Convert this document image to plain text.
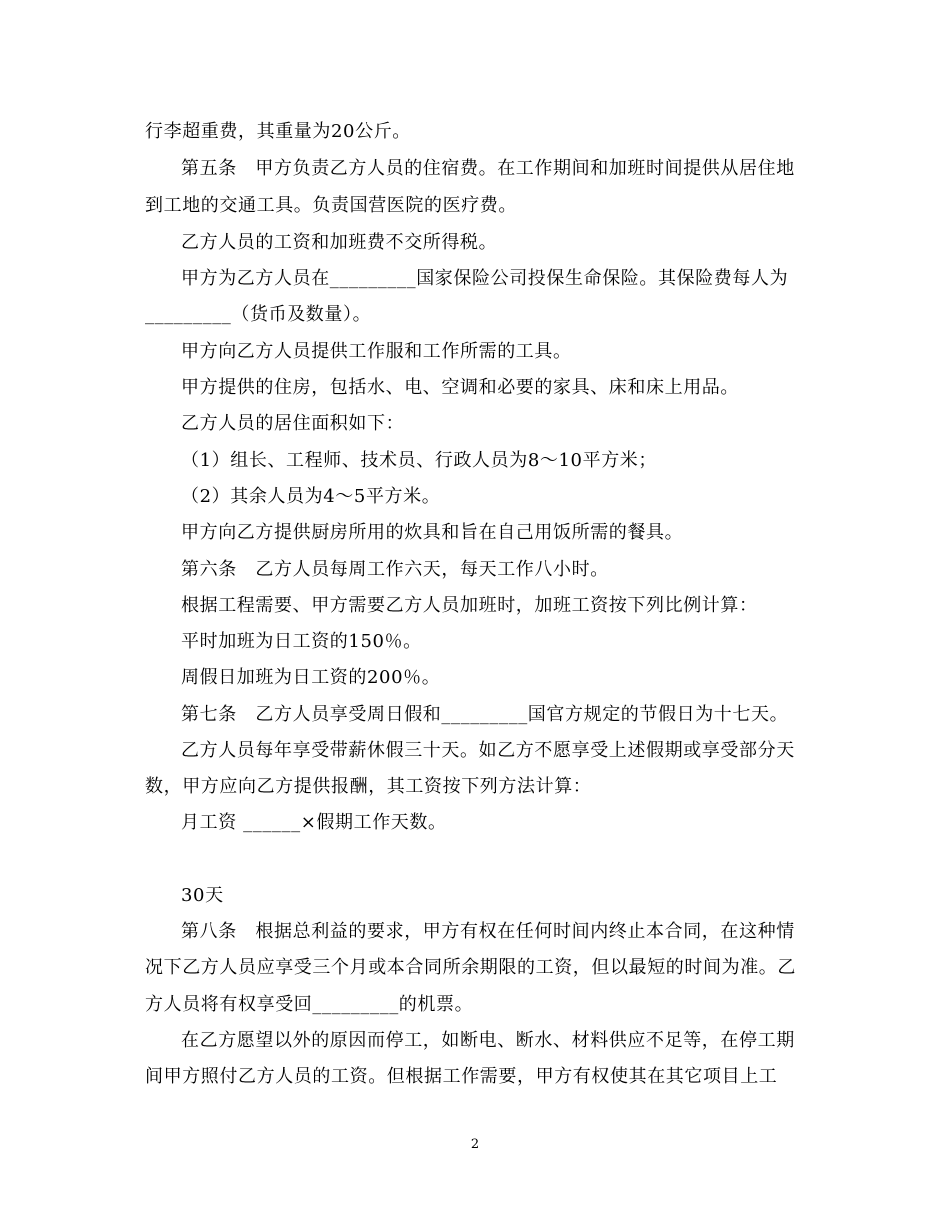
行李超重费，其重量为20公斤。
第五条　甲方负责乙方人员的住宿费。在工作期间和加班时间提供从居住地
到工地的交通工具。负责国营医院的医疗费。
乙方人员的工资和加班费不交所得税。
甲方为乙方人员在_________国家保险公司投保生命保险。其保险费每人为
_________（货币及数量）。
甲方向乙方人员提供工作服和工作所需的工具。
甲方提供的住房，包括水、电、空调和必要的家具、床和床上用品。
乙方人员的居住面积如下：
（1）组长、工程师、技术员、行政人员为8～10平方米；
（2）其余人员为4～5平方米。
甲方向乙方提供厨房所用的炊具和旨在自己用饭所需的餐具。
第六条　乙方人员每周工作六天，每天工作八小时。
根据工程需要、甲方需要乙方人员加班时，加班工资按下列比例计算：
平时加班为日工资的150％。
周假日加班为日工资的200％。
第七条　乙方人员享受周日假和_________国官方规定的节假日为十七天。
乙方人员每年享受带薪休假三十天。如乙方不愿享受上述假期或享受部分天
数，甲方应向乙方提供报酬，其工资按下列方法计算：
月工资 ______×假期工作天数。
30天
第八条　根据总利益的要求，甲方有权在任何时间内终止本合同，在这种情
况下乙方人员应享受三个月或本合同所余期限的工资，但以最短的时间为准。乙
方人员将有权享受回_________的机票。
在乙方愿望以外的原因而停工，如断电、断水、材料供应不足等，在停工期
间甲方照付乙方人员的工资。但根据工作需要，甲方有权使其在其它项目上工
2
